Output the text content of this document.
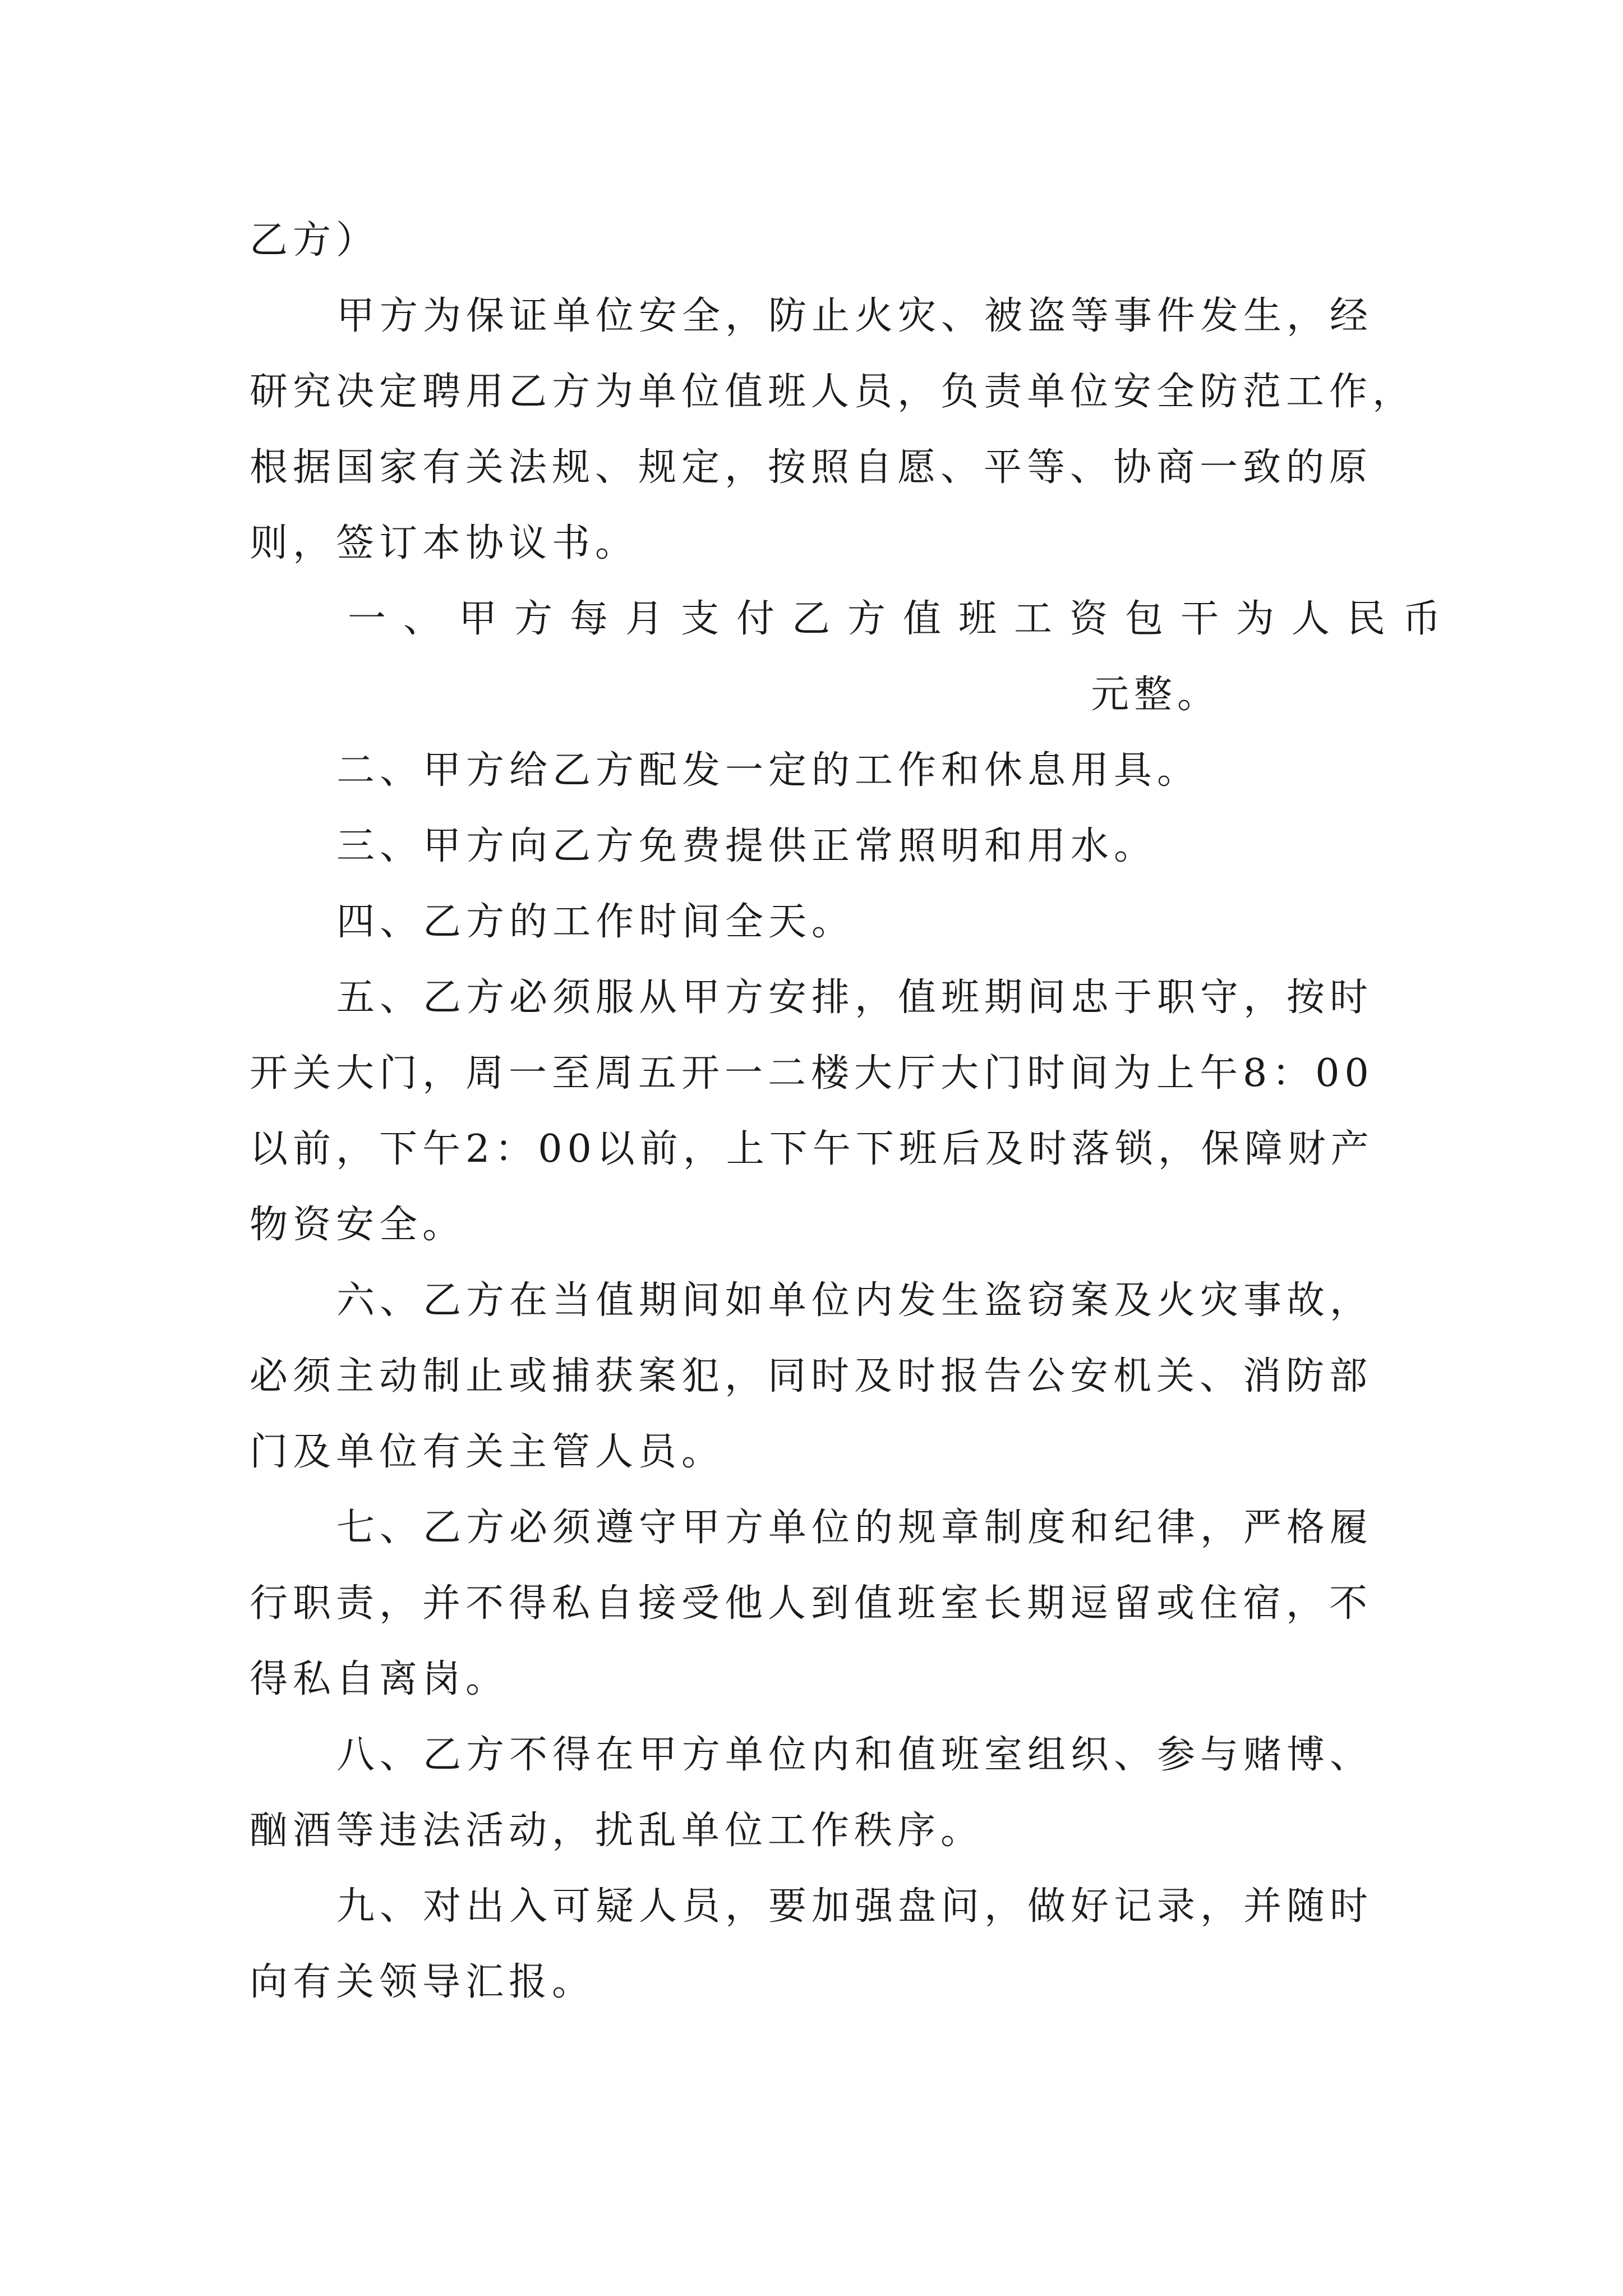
乙方）
甲方为保证单位安全，防止火灾、被盗等事件发生，经
研究决定聘用乙方为单位值班人员，负责单位安全防范工作，
根据国家有关法规、规定，按照自愿、平等、协商一致的原
则，签订本协议书。
一、甲方每月支付乙方值班工资包干为人民币
元整。
二、甲方给乙方配发一定的工作和休息用具。
三、甲方向乙方免费提供正常照明和用水。
四、乙方的工作时间全天。
五、乙方必须服从甲方安排，值班期间忠于职守，按时
开关大门，周一至周五开一二楼大厅大门时间为上午8：00
以前，下午2：00以前，上下午下班后及时落锁，保障财产
物资安全。
六、乙方在当值期间如单位内发生盗窃案及火灾事故，
必须主动制止或捕获案犯，同时及时报告公安机关、消防部
门及单位有关主管人员。
七、乙方必须遵守甲方单位的规章制度和纪律，严格履
行职责，并不得私自接受他人到值班室长期逗留或住宿，不
得私自离岗。
八、乙方不得在甲方单位内和值班室组织、参与赌博、
酗酒等违法活动，扰乱单位工作秩序。
九、对出入可疑人员，要加强盘问，做好记录，并随时
向有关领导汇报。
